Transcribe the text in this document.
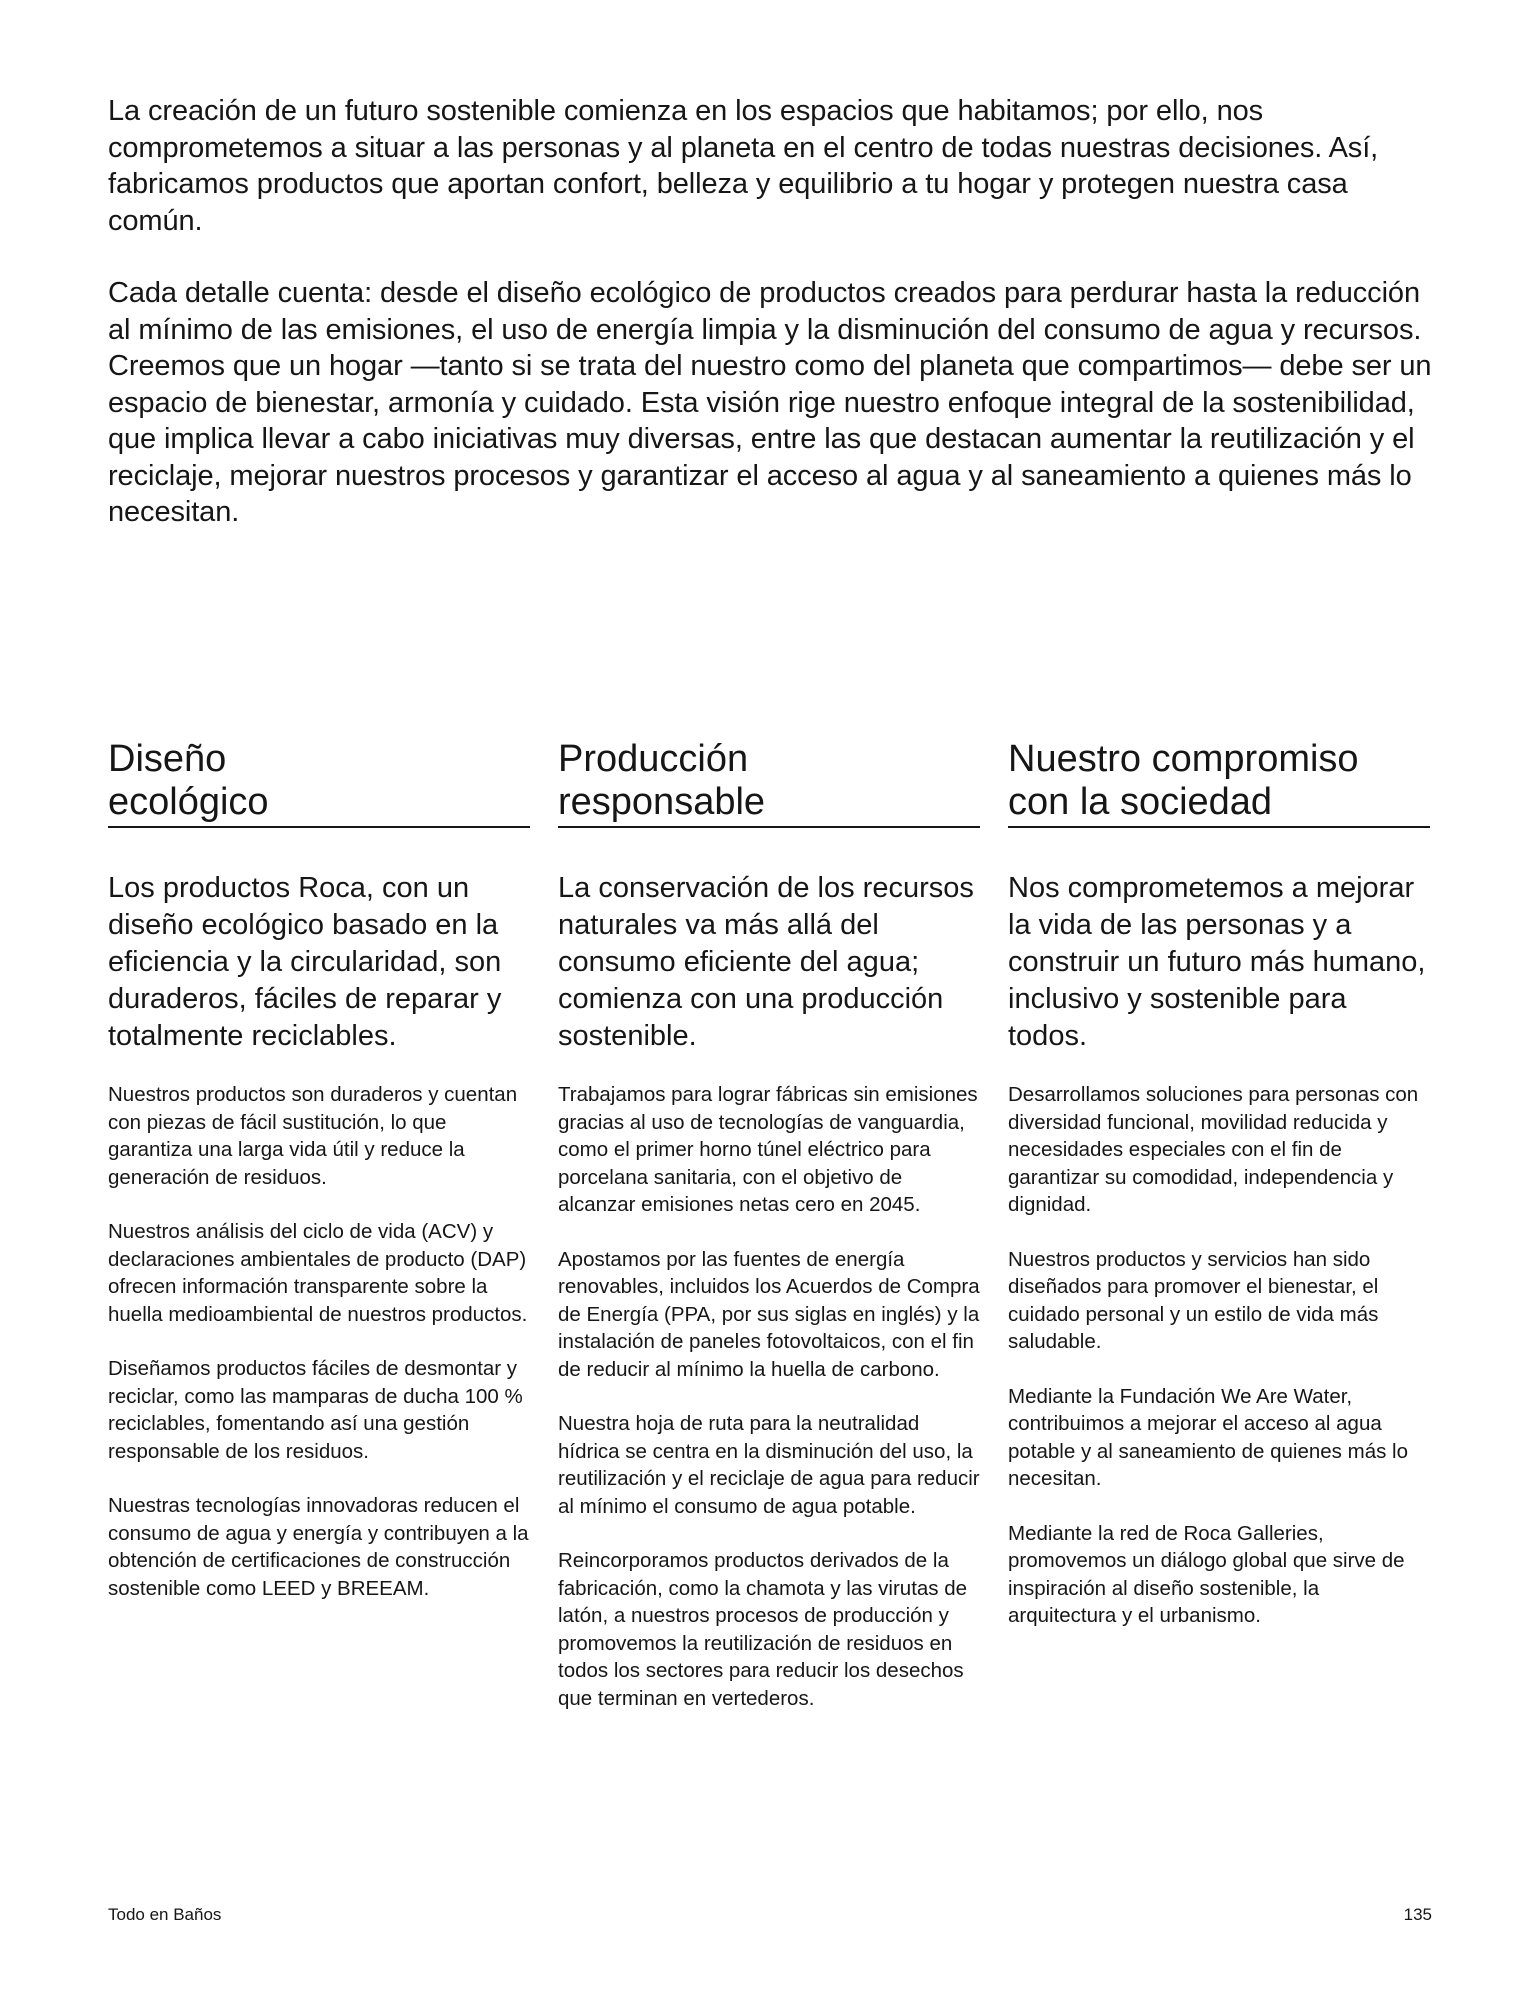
La creación de un futuro sostenible comienza en los espacios que habitamos; por ello, nos comprometemos a situar a las personas y al planeta en el centro de todas nuestras decisiones. Así, fabricamos productos que aportan confort, belleza y equilibrio a tu hogar y protegen nuestra casa común.

Cada detalle cuenta: desde el diseño ecológico de productos creados para perdurar hasta la reducción al mínimo de las emisiones, el uso de energía limpia y la disminución del consumo de agua y recursos. Creemos que un hogar —tanto si se trata del nuestro como del planeta que compartimos— debe ser un espacio de bienestar, armonía y cuidado. Esta visión rige nuestro enfoque integral de la sostenibilidad, que implica llevar a cabo iniciativas muy diversas, entre las que destacan aumentar la reutilización y el reciclaje, mejorar nuestros procesos y garantizar el acceso al agua y al saneamiento a quienes más lo necesitan.

Diseño
ecológico

Los productos Roca, con un diseño ecológico basado en la eficiencia y la circularidad, son duraderos, fáciles de reparar y totalmente reciclables.

Nuestros productos son duraderos y cuentan con piezas de fácil sustitución, lo que garantiza una larga vida útil y reduce la generación de residuos.

Nuestros análisis del ciclo de vida (ACV) y declaraciones ambientales de producto (DAP) ofrecen información transparente sobre la huella medioambiental de nuestros productos.

Diseñamos productos fáciles de desmontar y reciclar, como las mamparas de ducha 100 % reciclables, fomentando así una gestión responsable de los residuos.

Nuestras tecnologías innovadoras reducen el consumo de agua y energía y contribuyen a la obtención de certificaciones de construcción sostenible como LEED y BREEAM.

Producción
responsable

La conservación de los recursos naturales va más allá del consumo eficiente del agua; comienza con una producción sostenible.

Trabajamos para lograr fábricas sin emisiones gracias al uso de tecnologías de vanguardia, como el primer horno túnel eléctrico para porcelana sanitaria, con el objetivo de alcanzar emisiones netas cero en 2045.

Apostamos por las fuentes de energía renovables, incluidos los Acuerdos de Compra de Energía (PPA, por sus siglas en inglés) y la instalación de paneles fotovoltaicos, con el fin de reducir al mínimo la huella de carbono.

Nuestra hoja de ruta para la neutralidad hídrica se centra en la disminución del uso, la reutilización y el reciclaje de agua para reducir al mínimo el consumo de agua potable.

Reincorporamos productos derivados de la fabricación, como la chamota y las virutas de latón, a nuestros procesos de producción y promovemos la reutilización de residuos en todos los sectores para reducir los desechos que terminan en vertederos.

Nuestro compromiso
con la sociedad

Nos comprometemos a mejorar la vida de las personas y a construir un futuro más humano, inclusivo y sostenible para todos.

Desarrollamos soluciones para personas con diversidad funcional, movilidad reducida y necesidades especiales con el fin de garantizar su comodidad, independencia y dignidad.

Nuestros productos y servicios han sido diseñados para promover el bienestar, el cuidado personal y un estilo de vida más saludable.

Mediante la Fundación We Are Water, contribuimos a mejorar el acceso al agua potable y al saneamiento de quienes más lo necesitan.

Mediante la red de Roca Galleries, promovemos un diálogo global que sirve de inspiración al diseño sostenible, la arquitectura y el urbanismo.

Todo en Baños	135
